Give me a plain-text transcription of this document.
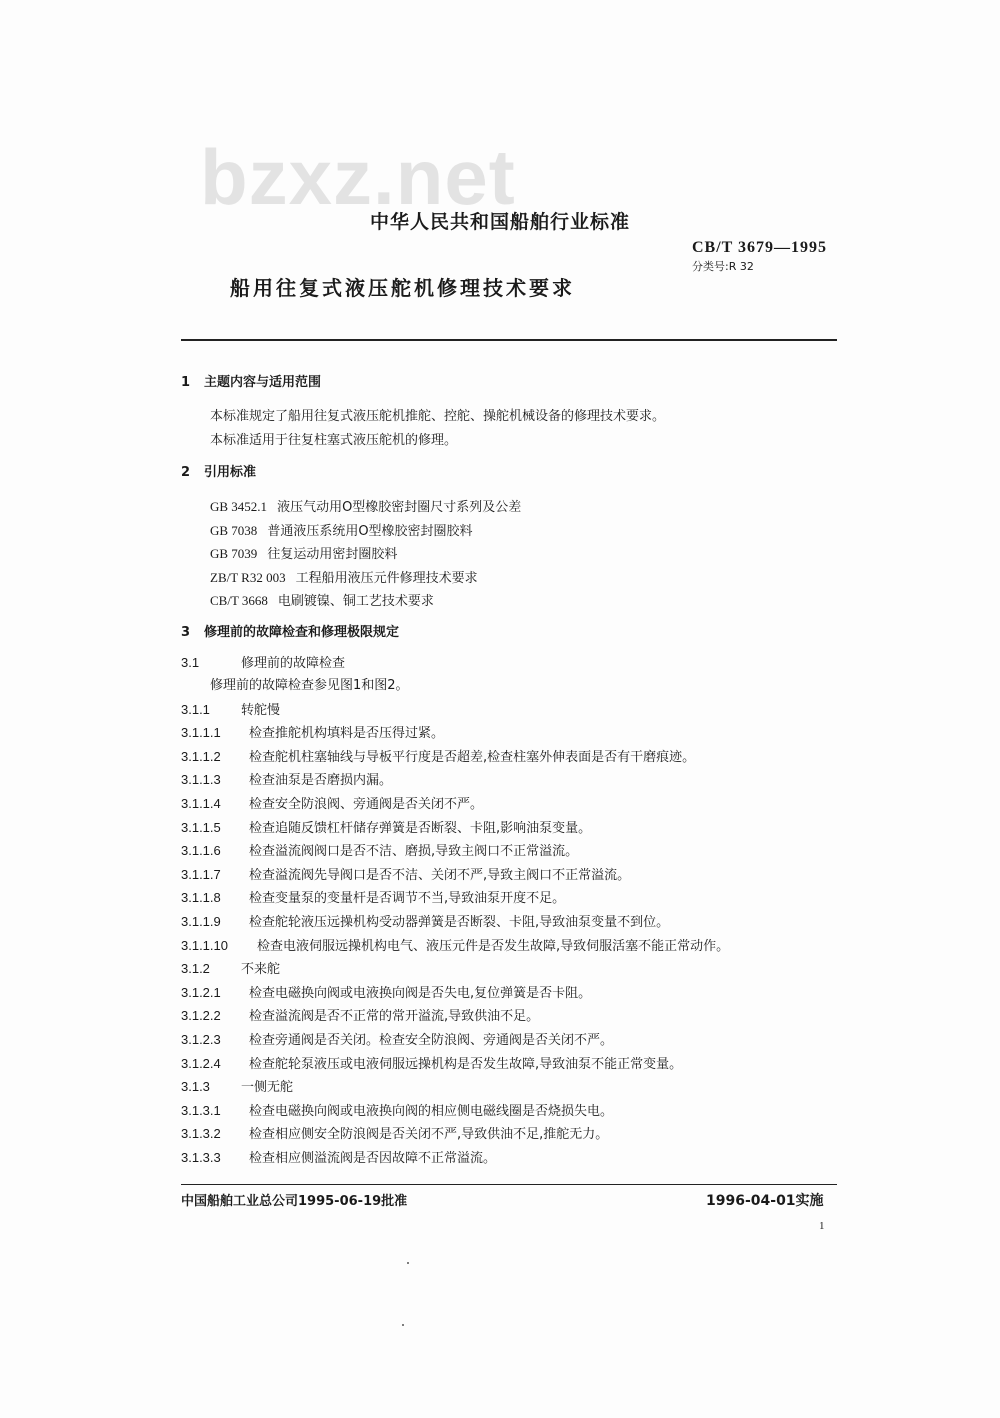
bzxz.net
中华人民共和国船舶行业标准
CB/T 3679—1995
分类号:R 32
船用往复式液压舵机修理技术要求
1 主题内容与适用范围
本标准规定了船用往复式液压舵机推舵、控舵、操舵机械设备的修理技术要求。
本标准适用于往复柱塞式液压舵机的修理。
2 引用标准
GB 3452.1 液压气动用O型橡胶密封圈尺寸系列及公差
GB 7038 普通液压系统用O型橡胶密封圈胶料
GB 7039 往复运动用密封圈胶料
ZB/T R32 003 工程船用液压元件修理技术要求
CB/T 3668 电刷镀镍、铜工艺技术要求
3 修理前的故障检查和修理极限规定
3.1	修理前的故障检查
修理前的故障检查参见图1和图2。
3.1.1 转舵慢
3.1.1.1 检查推舵机构填料是否压得过紧。
3.1.1.2 检查舵机柱塞轴线与导板平行度是否超差,检查柱塞外伸表面是否有干磨痕迹。
3.1.1.3 检查油泵是否磨损内漏。
3.1.1.4 检查安全防浪阀、旁通阀是否关闭不严。
3.1.1.5 检查追随反馈杠杆储存弹簧是否断裂、卡阻,影响油泵变量。
3.1.1.6 检查溢流阀阀口是否不洁、磨损,导致主阀口不正常溢流。
3.1.1.7 检查溢流阀先导阀口是否不洁、关闭不严,导致主阀口不正常溢流。
3.1.1.8 检查变量泵的变量杆是否调节不当,导致油泵开度不足。
3.1.1.9 检查舵轮液压远操机构受动器弹簧是否断裂、卡阻,导致油泵变量不到位。
3.1.1.10 检查电液伺服远操机构电气、液压元件是否发生故障,导致伺服活塞不能正常动作。
3.1.2 不来舵
3.1.2.1 检查电磁换向阀或电液换向阀是否失电,复位弹簧是否卡阻。
3.1.2.2 检查溢流阀是否不正常的常开溢流,导致供油不足。
3.1.2.3 检查旁通阀是否关闭。检查安全防浪阀、旁通阀是否关闭不严。
3.1.2.4 检查舵轮泵液压或电液伺服远操机构是否发生故障,导致油泵不能正常变量。
3.1.3 一侧无舵
3.1.3.1 检查电磁换向阀或电液换向阀的相应侧电磁线圈是否烧损失电。
3.1.3.2 检查相应侧安全防浪阀是否关闭不严,导致供油不足,推舵无力。
3.1.3.3 检查相应侧溢流阀是否因故障不正常溢流。
中国船舶工业总公司1995-06-19批准	1996-04-01实施
1
